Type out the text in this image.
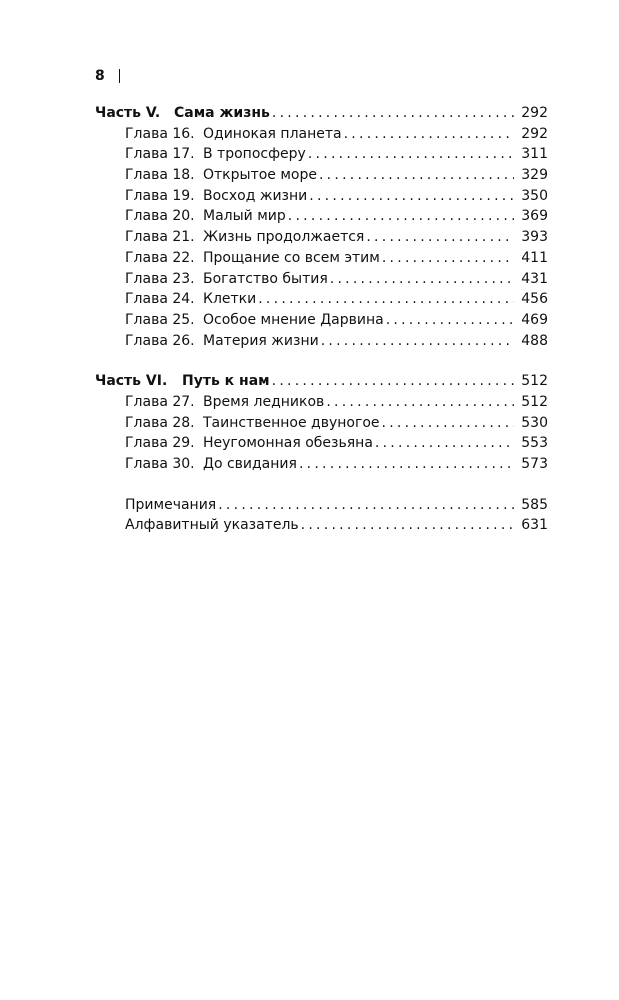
8
Часть V. Сама жизнь . . .	292
Глава 16. Одинокая планета . . .	292
Глава 17. В тропосферу . . .	311
Глава 18. Открытое море . . .	329
Глава 19. Восход жизни . . .	350
Глава 20. Малый мир . . .	369
Глава 21. Жизнь продолжается . . .	393
Глава 22. Прощание со всем этим . . .	411
Глава 23. Богатство бытия . . .	431
Глава 24. Клетки . . .	456
Глава 25. Особое мнение Дарвина . . .	469
Глава 26. Материя жизни . . .	488
Часть VI.	Путь к нам . . .	512
Глава 27. Время ледников . . .	512
Глава 28. Таинственное двуногое . . .	530
Глава 29. Неугомонная обезьяна . . .	553
Глава 30. До свидания . . .	573
Примечания . . .	585
Алфавитный указатель . . .	631
